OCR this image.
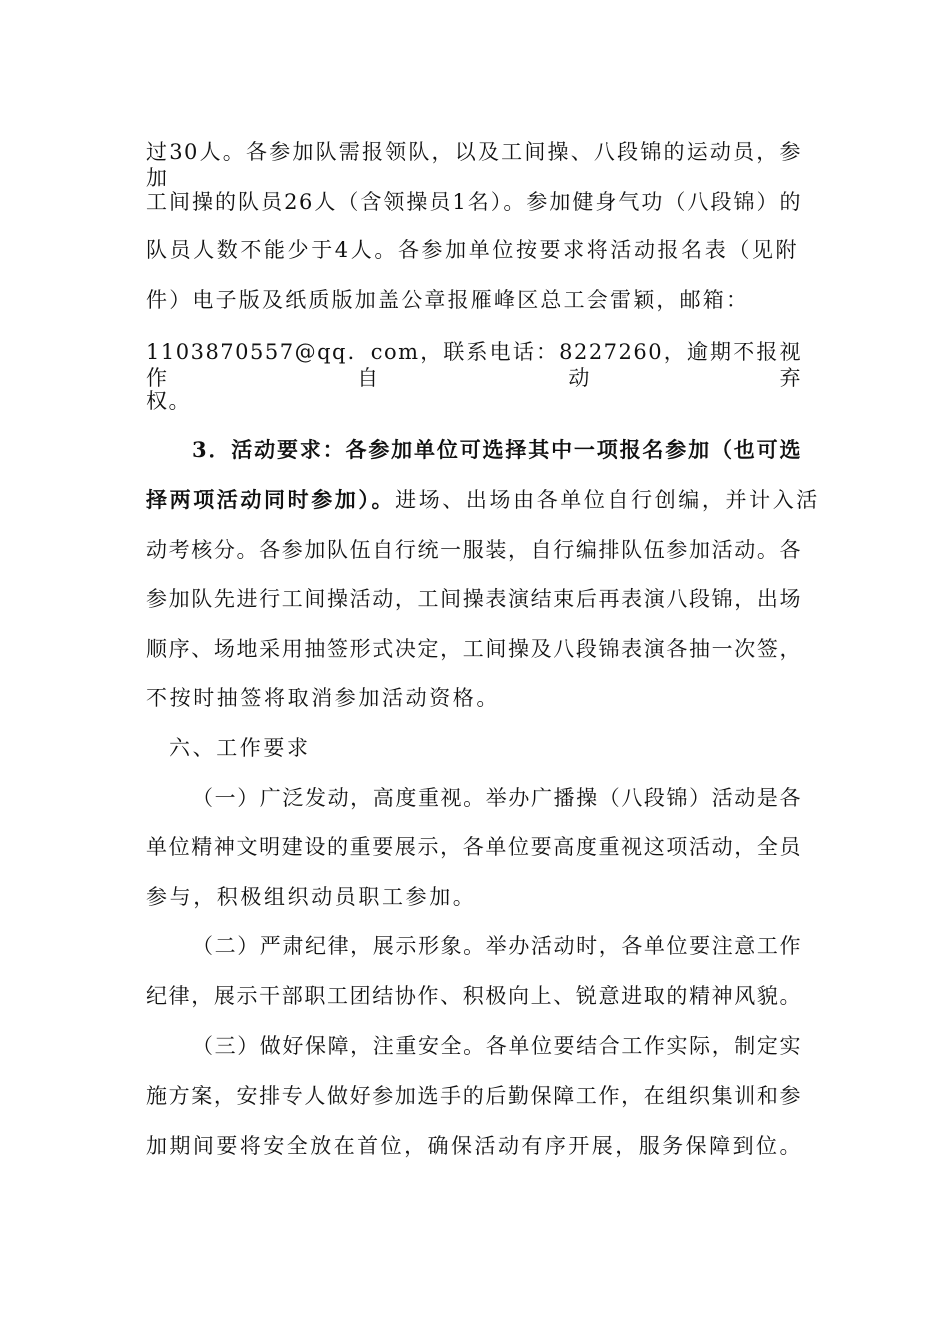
过30人。各参加队需报领队，以及工间操、八段锦的运动员，参加
工间操的队员26人（含领操员1名）。参加健身气功（八段锦）的
队员人数不能少于4人。各参加单位按要求将活动报名表（见附
件）电子版及纸质版加盖公章报雁峰区总工会雷颖，邮箱：
1103870557@qq．com，联系电话：8227260，逾期不报视作自动弃
权。
3．活动要求：各参加单位可选择其中一项报名参加（也可选
择两项活动同时参加）。进场、出场由各单位自行创编，并计入活
动考核分。各参加队伍自行统一服装，自行编排队伍参加活动。各
参加队先进行工间操活动，工间操表演结束后再表演八段锦，出场
顺序、场地采用抽签形式决定，工间操及八段锦表演各抽一次签，
不按时抽签将取消参加活动资格。
六、工作要求
（一）广泛发动，高度重视。举办广播操（八段锦）活动是各
单位精神文明建设的重要展示，各单位要高度重视这项活动，全员
参与，积极组织动员职工参加。
（二）严肃纪律，展示形象。举办活动时，各单位要注意工作
纪律，展示干部职工团结协作、积极向上、锐意进取的精神风貌。
（三）做好保障，注重安全。各单位要结合工作实际，制定实
施方案，安排专人做好参加选手的后勤保障工作，在组织集训和参
加期间要将安全放在首位，确保活动有序开展，服务保障到位。
